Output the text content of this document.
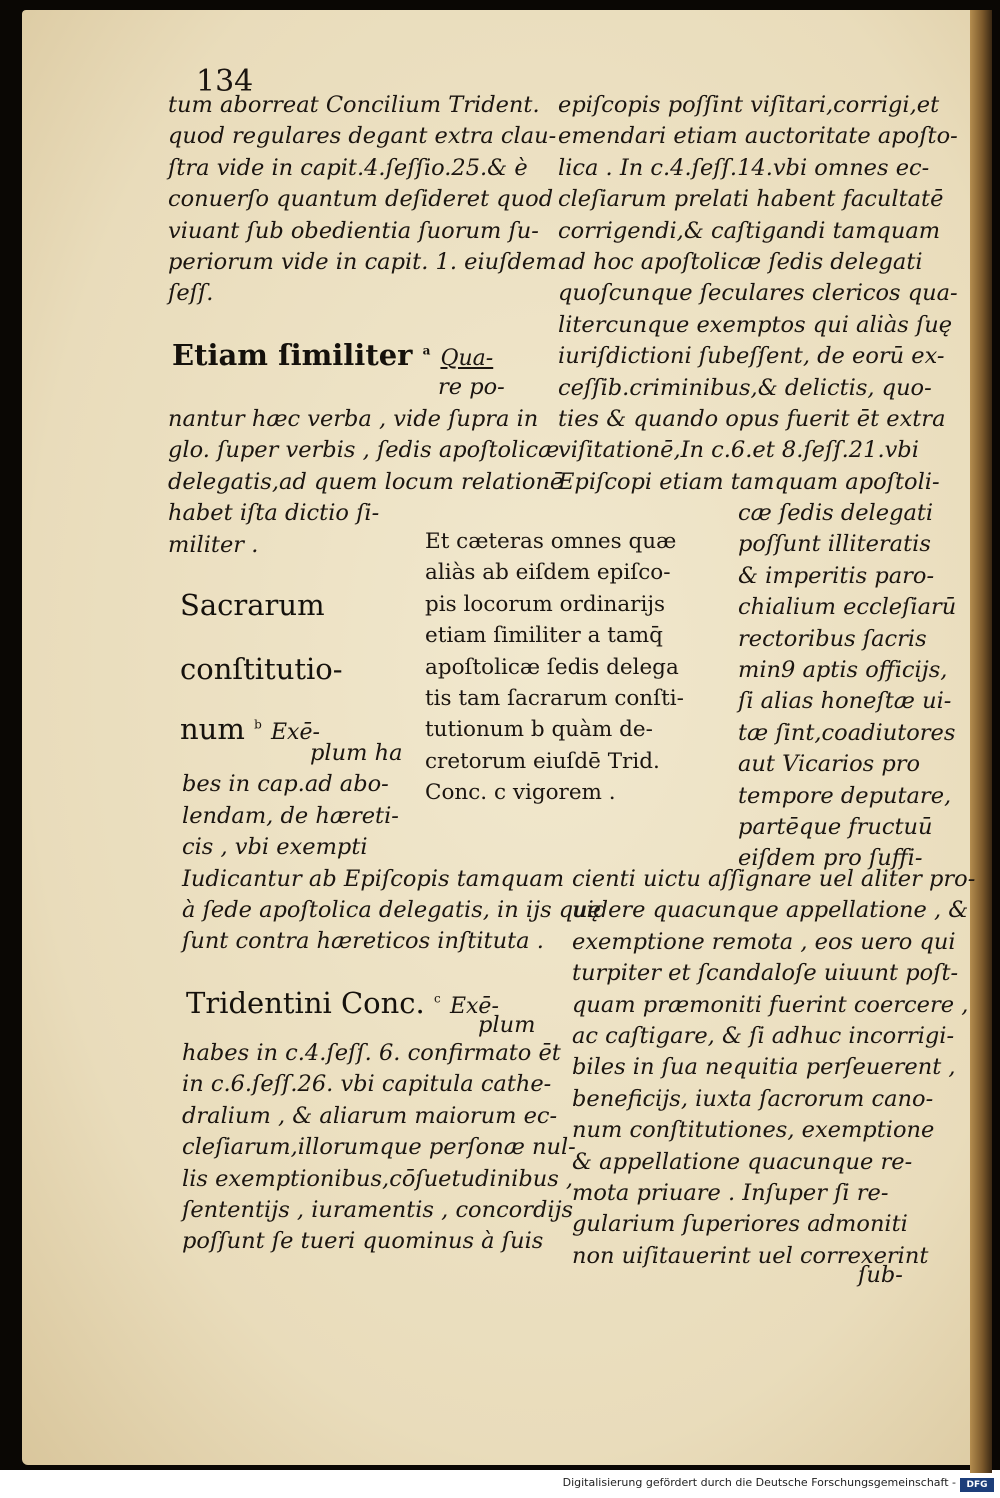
134
tum aborreat Concilium Trident.
quod regulares degant extra clau-
ſtra vide in capit.4.ſeſſio.25.& è
conuerſo quantum deſideret quod
viuant ſub obedientia ſuorum ſu-
periorum vide in capit. 1. eiuſdem
ſeſſ.
Etiam ſimiliter $^a$ Qua-
re po-
nantur hæc verba , vide ſupra in
glo. ſuper verbis , ſedis apoſtolicæ
delegatis,ad quem locum relationē
habet iſta dictio ſi-
militer .
Sacrarum
conſtitutio-
num $^b$ Exē-
plum ha
bes in cap.ad abo-
lendam, de hæreti-
cis , vbi exempti
Iudicantur ab Epiſcopis tamquam
à ſede apoſtolica delegatis, in ijs quę
ſunt contra hæreticos inſtituta .
Tridentini Conc. $^c$ Exē-
plum
habes in c.4.ſeſſ. 6. confirmato ēt
in c.6.ſeſſ.26. vbi capitula cathe-
dralium , & aliarum maiorum ec-
cleſiarum,illorumque perſonæ nul-
lis exemptionibus,cōſuetudinibus ,
ſententijs , iuramentis , concordijs
poſſunt ſe tueri quominus à ſuis
Et cæteras omnes quæ
aliàs ab eiſdem epiſco-
pis locorum ordinarijs
etiam ſimiliter a tamq̄
apoſtolicæ ſedis delega
tis tam ſacrarum conſti-
tutionum b quàm de-
cretorum eiuſdē Trid.
Conc. c vigorem .
epiſcopis poſſint viſitari,corrigi,et
emendari etiam auctoritate apoſto-
lica . In c.4.ſeſſ.14.vbi omnes ec-
cleſiarum prelati habent facultatē
corrigendi,& caſtigandi tamquam
ad hoc apoſtolicæ ſedis delegati
quoſcunque ſeculares clericos qua-
litercunque exemptos qui aliàs ſuę
iuriſdictioni ſubeſſent, de eorū ex-
ceſſib.criminibus,& delictis, quo-
ties & quando opus fuerit ēt extra
viſitationē,In c.6.et 8.ſeſſ.21.vbi
Epiſcopi etiam tamquam apoſtoli-
cæ ſedis delegati
poſſunt illiteratis
& imperitis paro-
chialium eccleſiarū
rectoribus ſacris
min9 aptis officijs,
ſi alias honeſtæ ui-
tæ ſint,coadiutores
aut Vicarios pro
tempore deputare,
partēque fructuū
eiſdem pro ſuffi-
cienti uictu aſſignare uel aliter pro-
uidere quacunque appellatione , &
exemptione remota , eos uero qui
turpiter et ſcandaloſe uiuunt poſt-
quam præmoniti fuerint coercere ,
ac caſtigare, & ſi adhuc incorrigi-
biles in ſua nequitia perſeuerent ,
beneficijs, iuxta ſacrorum cano-
num conſtitutiones, exemptione
& appellatione quacunque re-
mota priuare . Inſuper ſi re-
gularium ſuperiores admoniti
non uiſitauerint uel correxerint
ſub-
Digitalisierung gefördert durch die Deutsche Forschungsgemeinschaft -	DFG
